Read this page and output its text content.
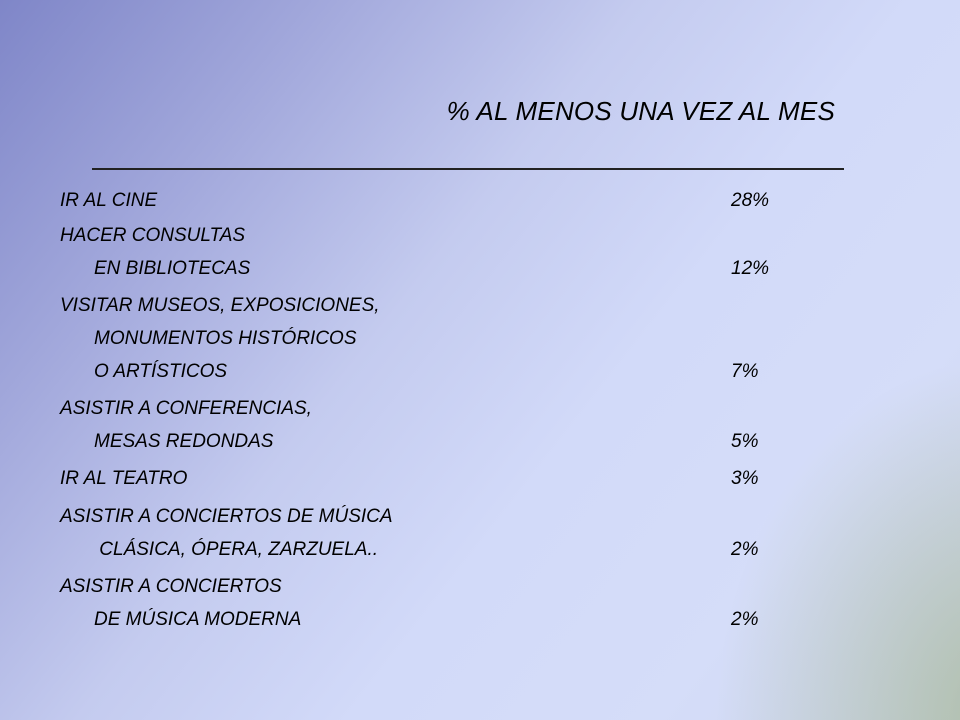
% AL MENOS UNA VEZ AL MES
IR AL CINE	28%
HACER CONSULTAS
EN BIBLIOTECAS	12%
VISITAR MUSEOS, EXPOSICIONES,
MONUMENTOS HISTÓRICOS
O ARTÍSTICOS	7%
ASISTIR A CONFERENCIAS,
MESAS REDONDAS	5%
IR AL TEATRO	3%
ASISTIR A CONCIERTOS DE MÚSICA
CLÁSICA, ÓPERA, ZARZUELA..	2%
ASISTIR A CONCIERTOS
DE MÚSICA MODERNA	2%
